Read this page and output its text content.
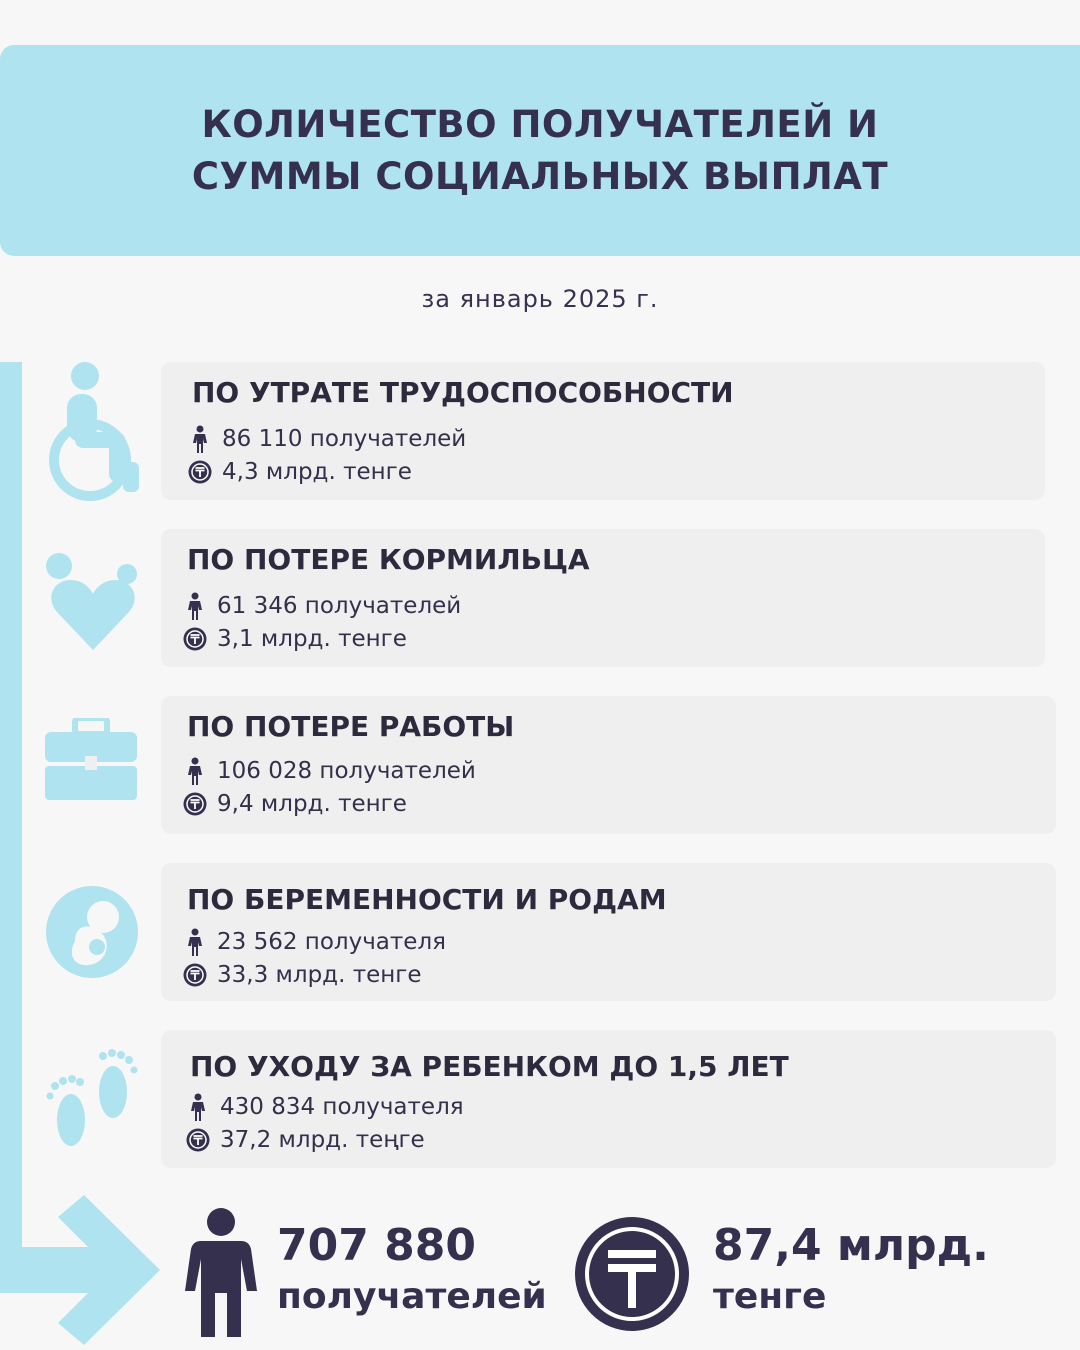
КОЛИЧЕСТВО ПОЛУЧАТЕЛЕЙ И
СУММЫ СОЦИАЛЬНЫХ ВЫПЛАТ
за январь 2025 г.
ПО УТРАТЕ ТРУДОСПОСОБНОСТИ
86 110 получателей
4,3 млрд. тенге
ПО ПОТЕРЕ КОРМИЛЬЦА
61 346 получателей
3,1 млрд. тенге
ПО ПОТЕРЕ РАБОТЫ
106 028 получателей
9,4 млрд. тенге
ПО БЕРЕМЕННОСТИ И РОДАМ
23 562 получателя
33,3 млрд. тенге
ПО УХОДУ ЗА РЕБЕНКОМ ДО 1,5 ЛЕТ
430 834 получателя
37,2 млрд. теңге
707 880
получателей
87,4 млрд.
тенге
